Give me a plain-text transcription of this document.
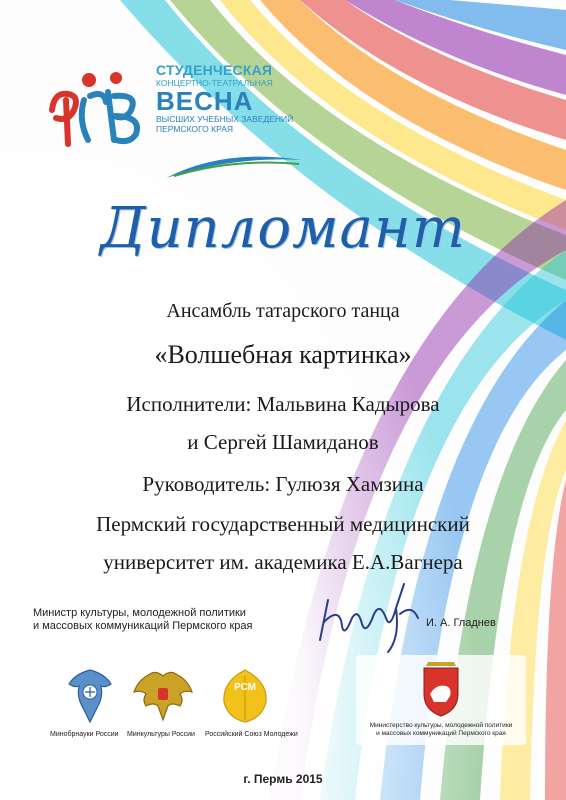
СТУДЕНЧЕСКАЯ
КОНЦЕРТНО-ТЕАТРАЛЬНАЯ
ВЕСНА
ВЫСШИХ УЧЕБНЫХ ЗАВЕДЕНИЙ
ПЕРМСКОГО КРАЯ
Дипломант
Ансамбль татарского танца
«Волшебная картинка»
Исполнители: Мальвина Кадырова
и Сергей Шамиданов
Руководитель: Гулюзя Хамзина
Пермский государственный медицинский
университет им. академика Е.А.Вагнера
Министр культуры, молодежной политики
и массовых коммуникаций Пермского края	И. А. Гладнев
Минобрнауки России Минкультуры России
РСМ
Российский Союз Молодежи
Министерство культуры, молодежной политики
и массовых коммуникаций Пермского края
г. Пермь 2015
